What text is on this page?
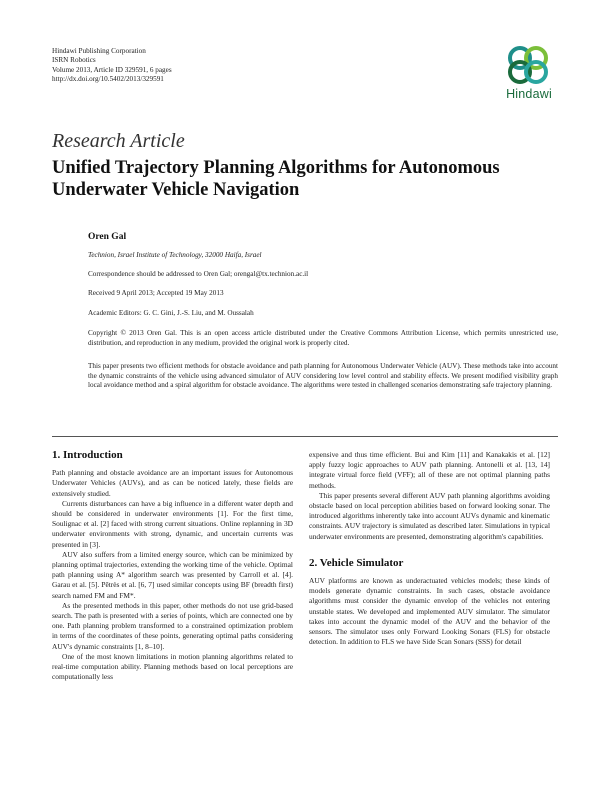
Hindawi Publishing Corporation
ISRN Robotics
Volume 2013, Article ID 329591, 6 pages
http://dx.doi.org/10.5402/2013/329591
Hindawi
Research Article
Unified Trajectory Planning Algorithms for Autonomous
Underwater Vehicle Navigation
Oren Gal
Technion, Israel Institute of Technology, 32000 Haifa, Israel
Correspondence should be addressed to Oren Gal; orengal@tx.technion.ac.il
Received 9 April 2013; Accepted 19 May 2013
Academic Editors: G. C. Gini, J.-S. Liu, and M. Oussalah
Copyright © 2013 Oren Gal. This is an open access article distributed under the Creative Commons Attribution License, which permits unrestricted use, distribution, and reproduction in any medium, provided the original work is properly cited.
This paper presents two efficient methods for obstacle avoidance and path planning for Autonomous Underwater Vehicle (AUV). These methods take into account the dynamic constraints of the vehicle using advanced simulator of AUV considering low level control and stability effects. We present modified visibility graph local avoidance method and a spiral algorithm for obstacle avoidance. The algorithms were tested in challenged scenarios demonstrating safe trajectory planning.
1. Introduction

Path planning and obstacle avoidance are an important issues for Autonomous Underwater Vehicles (AUVs), and as can be noticed lately, these fields are extensively studied.

Currents disturbances can have a big influence in a different water depth and should be considered in underwater environments [1]. For the first time, Soulignac et al. [2] faced with strong current situations. Online replanning in 3D underwater environments with strong, dynamic, and uncertain currents was presented in [3].

AUV also suffers from a limited energy source, which can be minimized by planning optimal trajectories, extending the working time of the vehicle. Optimal path planning using A* algorithm search was presented by Carroll et al. [4]. Garau et al. [5]. Pêtrès et al. [6, 7] used similar concepts using BF (breadth first) search named FM and FM*.

As the presented methods in this paper, other methods do not use grid-based search. The path is presented with a series of points, which are connected one by one. Path planning problem transformed to a constrained optimization problem in terms of the coordinates of these points, generating optimal paths considering AUV's dynamic constraints [1, 8–10].

One of the most known limitations in motion planning algorithms related to real-time computation ability. Planning methods based on local perceptions are computationally less

expensive and thus time efficient. Bui and Kim [11] and Kanakakis et al. [12] apply fuzzy logic approaches to AUV path planning. Antonelli et al. [13, 14] integrate virtual force field (VFF); all of these are not optimal planning paths methods.

This paper presents several different AUV path planning algorithms avoiding obstacle based on local perception abilities based on forward looking sonar. The introduced algorithms inherently take into account AUVs dynamic and kinematic constraints. AUV trajectory is simulated as described later. Simulations in typical underwater environments are presented, demonstrating algorithm's capabilities.

2. Vehicle Simulator

AUV platforms are known as underactuated vehicles models; these kinds of models generate dynamic constraints. In such cases, obstacle avoidance algorithms must consider the dynamic envelop of the vehicles not entering unstable states. We developed and implemented AUV simulator. The simulator takes into account the dynamic model of the AUV and the behavior of the sensors. The simulator uses only Forward Looking Sonars (FLS) for obstacle detection. In addition to FLS we have Side Scan Sonars (SSS) for detail
